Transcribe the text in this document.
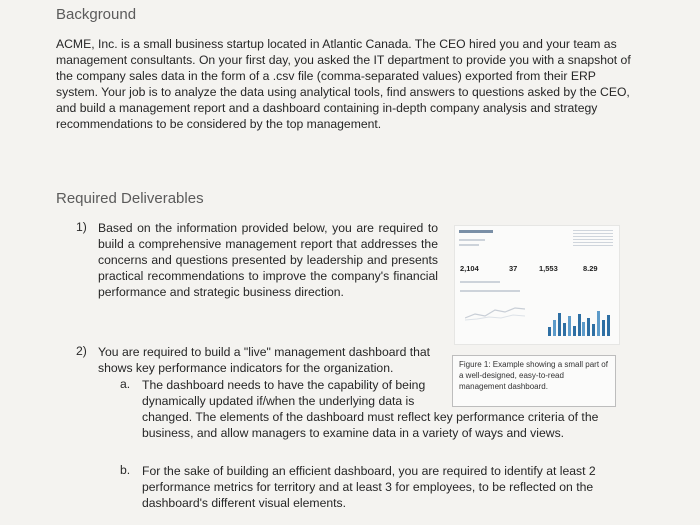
Background
ACME, Inc. is a small business startup located in Atlantic Canada. The CEO hired you and your team as management consultants. On your first day, you asked the IT department to provide you with a snapshot of the company sales data in the form of a .csv file (comma-separated values) exported from their ERP system. Your job is to analyze the data using analytical tools, find answers to questions asked by the CEO, and build a management report and a dashboard containing in-depth company analysis and strategy recommendations to be considered by the top management.
Required Deliverables
1) Based on the information provided below, you are required to build a comprehensive management report that addresses the concerns and questions presented by leadership and presents practical recommendations to improve the company's financial performance and strategic business direction.
2,104	37	1,553	8.29
2) You are required to build a "live" management dashboard that shows key performance indicators for the organization.
a. The dashboard needs to have the capability of being
dynamically updated if/when the underlying data is changed. The elements of the dashboard must reflect key performance criteria of the business, and allow managers to examine data in a variety of ways and views.
Figure 1: Example showing a small part of a well-designed, easy-to-read management dashboard.
b. For the sake of building an efficient dashboard, you are required to identify at least 2 performance metrics for territory and at least 3 for employees, to be reflected on the dashboard's different visual elements.
